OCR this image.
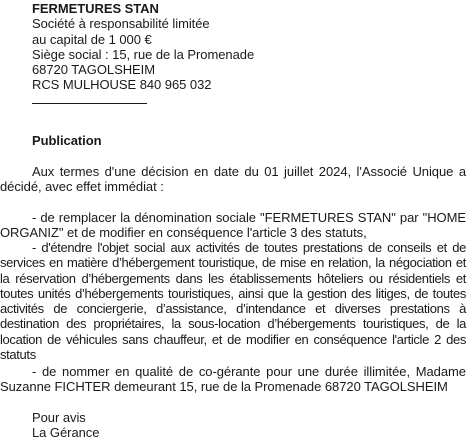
FERMETURES STAN
Société à responsabilité limitée
au capital de 1 000 €
Siège social : 15, rue de la Promenade
68720 TAGOLSHEIM
RCS MULHOUSE 840 965 032
Publication

Aux termes d'une décision en date du 01 juillet 2024, l'Associé Unique a décidé, avec effet immédiat :

- de remplacer la dénomination sociale "FERMETURES STAN" par "HOME ORGANIZ" et de modifier en conséquence l'article 3 des statuts,

- d'étendre l'objet social aux activités de toutes prestations de conseils et de services en matière d’hébergement touristique, de mise en relation, la négociation et la réservation d’hébergements dans les établissements hôteliers ou résidentiels et toutes unités d’hébergements touristiques, ainsi que la gestion des litiges, de toutes activités de conciergerie, d’assistance, d’intendance et diverses prestations à destination des propriétaires, la sous-location d’hébergements touristiques, de la location de véhicules sans chauffeur, et de modifier en conséquence l'article 2 des statuts

- de nommer en qualité de co-gérante pour une durée illimitée, Madame Suzanne FICHTER demeurant 15, rue de la Promenade 68720 TAGOLSHEIM

Pour avis
La Gérance
